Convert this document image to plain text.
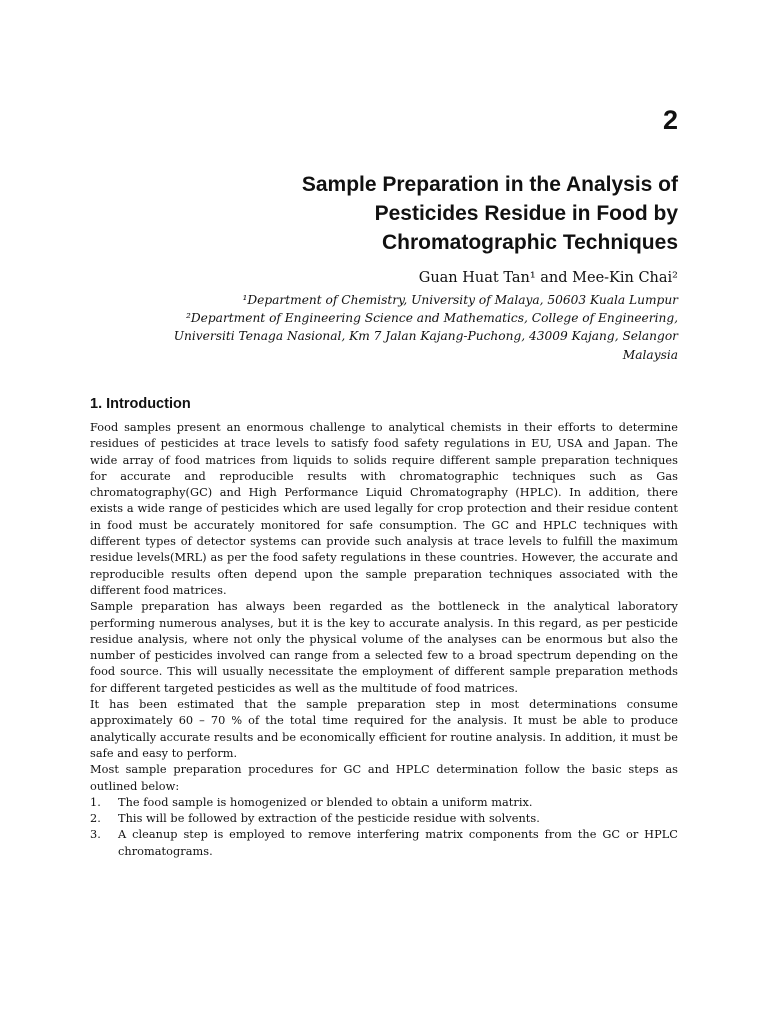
2
Sample Preparation in the Analysis of
Pesticides Residue in Food by
Chromatographic Techniques
Guan Huat Tan¹ and Mee-Kin Chai²
¹Department of Chemistry, University of Malaya, 50603 Kuala Lumpur
²Department of Engineering Science and Mathematics, College of Engineering,
Universiti Tenaga Nasional, Km 7 Jalan Kajang-Puchong, 43009 Kajang, Selangor
Malaysia
1. Introduction

Food samples present an enormous challenge to analytical chemists in their efforts to determine residues of pesticides at trace levels to satisfy food safety regulations in EU, USA and Japan. The wide array of food matrices from liquids to solids require different sample preparation techniques for accurate and reproducible results with chromatographic techniques such as Gas chromatography(GC) and High Performance Liquid Chromatography (HPLC). In addition, there exists a wide range of pesticides which are used legally for crop protection and their residue content in food must be accurately monitored for safe consumption. The GC and HPLC techniques with different types of detector systems can provide such analysis at trace levels to fulfill the maximum residue levels(MRL) as per the food safety regulations in these countries. However, the accurate and reproducible results often depend upon the sample preparation techniques associated with the different food matrices.

Sample preparation has always been regarded as the bottleneck in the analytical laboratory performing numerous analyses, but it is the key to accurate analysis. In this regard, as per pesticide residue analysis, where not only the physical volume of the analyses can be enormous but also the number of pesticides involved can range from a selected few to a broad spectrum depending on the food source. This will usually necessitate the employment of different sample preparation methods for different targeted pesticides as well as the multitude of food matrices.

It has been estimated that the sample preparation step in most determinations consume approximately 60 – 70 % of the total time required for the analysis. It must be able to produce analytically accurate results and be economically efficient for routine analysis. In addition, it must be safe and easy to perform.

Most sample preparation procedures for GC and HPLC determination follow the basic steps as outlined below:

1.	The food sample is homogenized or blended to obtain a uniform matrix.
2.	This will be followed by extraction of the pesticide residue with solvents.
3.	A cleanup step is employed to remove interfering matrix components from the GC or HPLC chromatograms.
